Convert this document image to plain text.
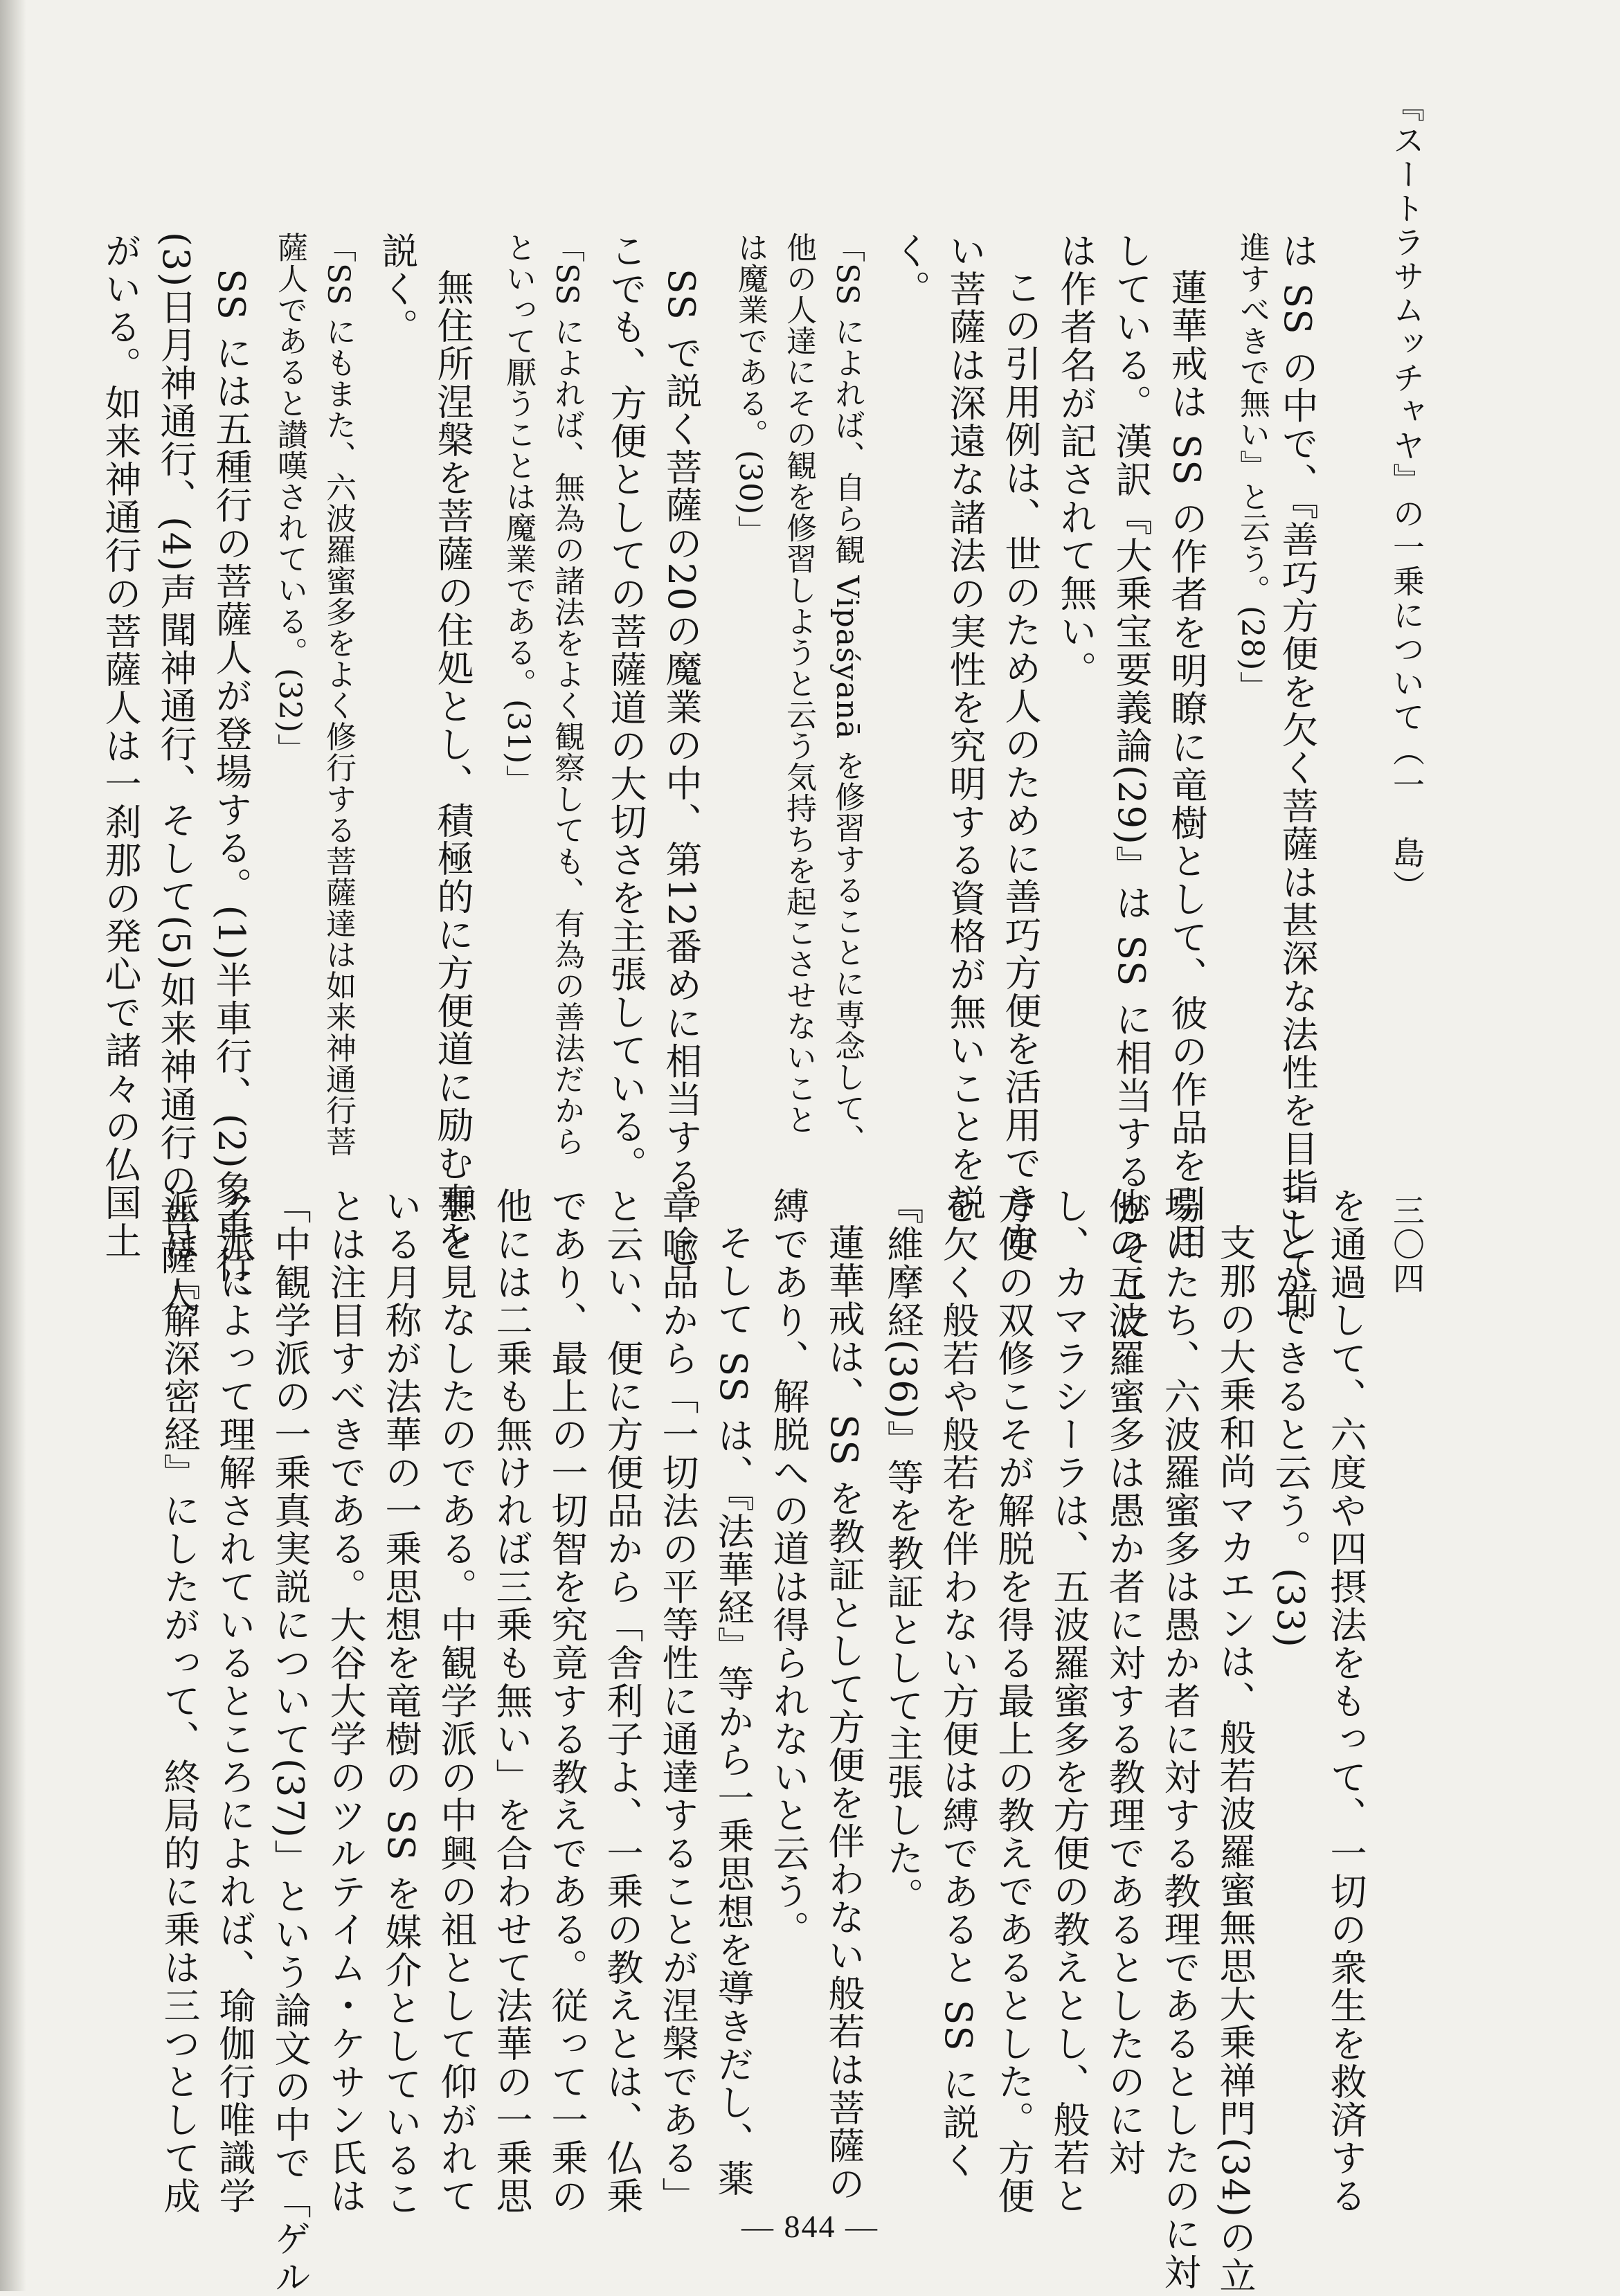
『スートラサムッチャヤ』の一乗について（一　島）
三〇四
は SS の中で、『善巧方便を欠く菩薩は甚深な法性を目指して前
進すべきで無い』と云う。(28)」
蓮華戒は SS の作者を明瞭に竜樹として、彼の作品を引用
している。漢訳『大乗宝要義論(29)』は SS に相当するがそこに
は作者名が記されて無い。
この引用例は、世のため人のために善巧方便を活用できな
い菩薩は深遠な諸法の実性を究明する資格が無いことを説
く。
「SS によれば、自ら観 Vipaśyanā を修習することに専念して、
他の人達にその観を修習しようと云う気持ちを起こさせないこと
は魔業である。(30)」
SS で説く菩薩の20の魔業の中、第12番めに相当する。こ
こでも、方便としての菩薩道の大切さを主張している。
「SS によれば、無為の諸法をよく観察しても、有為の善法だから
といって厭うことは魔業である。(31)」
無住所涅槃を菩薩の住処とし、積極的に方便道に励む事を
説く。
「SS にもまた、六波羅蜜多をよく修行する菩薩達は如来神通行菩
薩人であると讃嘆されている。(32)」
SS には五種行の菩薩人が登場する。(1)半車行、(2)象車行、
(3)日月神通行、(4)声聞神通行、そして(5)如来神通行の菩薩人
がいる。如来神通行の菩薩人は一刹那の発心で諸々の仏国土
を通過して、六度や四摂法をもって、一切の衆生を救済する
ことができると云う。(33)
支那の大乗和尚マカエンは、般若波羅蜜無思大乗禅門(34)の立
場にたち、六波羅蜜多は愚か者に対する教理であるとしたのに対
他の五波羅蜜多は愚か者に対する教理であるとしたのに対
し、カマラシーラは、五波羅蜜多を方便の教えとし、般若と
方便の双修こそが解脱を得る最上の教えであるとした。方便
を欠く般若や般若を伴わない方便は縛であると SS に説く
『維摩経(36)』等を教証として主張した。
蓮華戒は、SS を教証として方便を伴わない般若は菩薩の
縛であり、解脱への道は得られないと云う。
そして SS は、『法華経』等から一乗思想を導きだし、薬
章喩品から「一切法の平等性に通達することが涅槃である」
と云い、便に方便品から「舎利子よ、一乗の教えとは、仏乗
であり、最上の一切智を究竟する教えである。従って一乗の
他には二乗も無ければ三乗も無い」を合わせて法華の一乗思
想と見なしたのである。中観学派の中興の祖として仰がれて
いる月称が法華の一乗思想を竜樹の SS を媒介としているこ
とは注目すべきである。大谷大学のツルテイム・ケサン氏は
「中観学派の一乗真実説について(37)」という論文の中で「ゲル
ク派によって理解されているところによれば、瑜伽行唯識学
派は『解深密経』にしたがって、終局的に乗は三つとして成
— 844 —
